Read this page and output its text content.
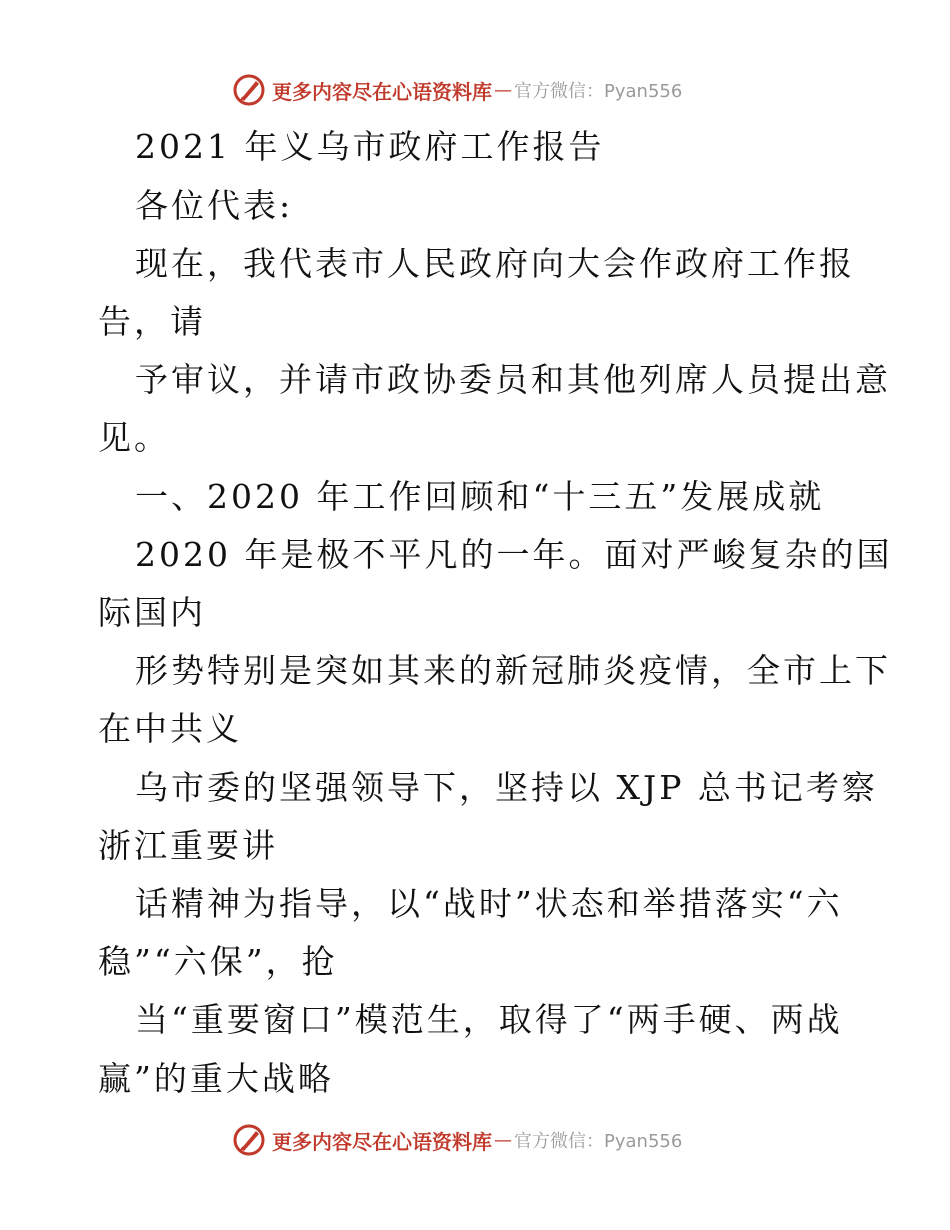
更多内容尽在心语资料库 — 官方微信：Pyan556
2021 年义乌市政府工作报告
各位代表:
现在，我代表市人民政府向大会作政府工作报
告，请
予审议，并请市政协委员和其他列席人员提出意
见。
一、2020 年工作回顾和“十三五”发展成就
2020 年是极不平凡的一年。面对严峻复杂的国
际国内
形势特别是突如其来的新冠肺炎疫情，全市上下
在中共义
乌市委的坚强领导下，坚持以 XJP 总书记考察
浙江重要讲
话精神为指导，以“战时”状态和举措落实“六
稳”“六保”，抢
当“重要窗口”模范生，取得了“两手硬、两战
赢”的重大战略
更多内容尽在心语资料库 — 官方微信：Pyan556
